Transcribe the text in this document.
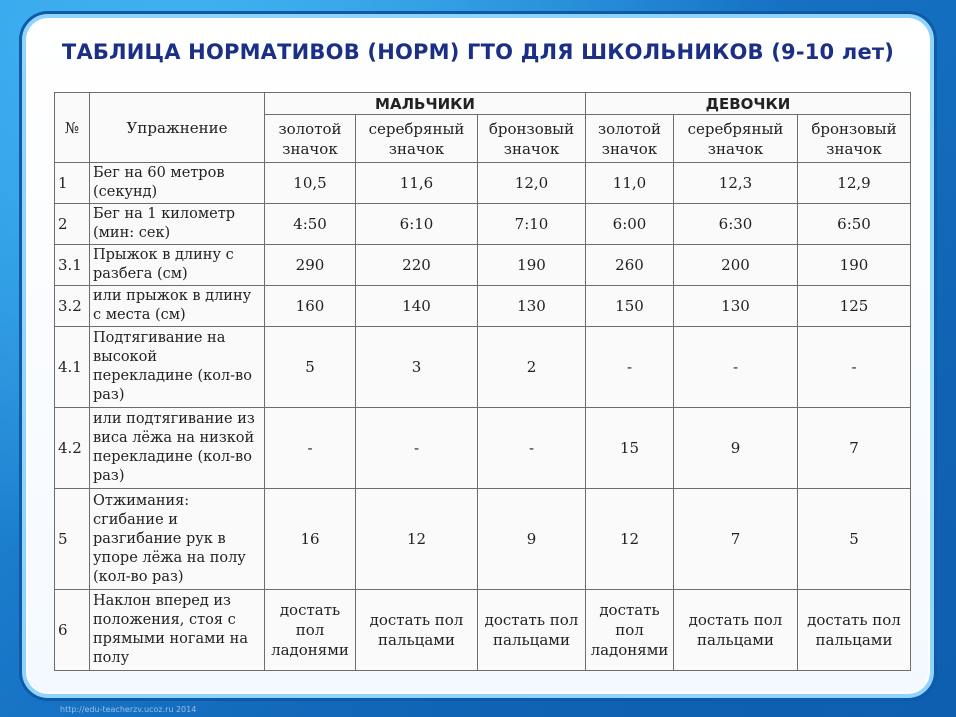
ТАБЛИЦА НОРМАТИВОВ (НОРМ) ГТО ДЛЯ ШКОЛЬНИКОВ (9-10 лет)
№	Упражнение	МАЛЬЧИКИ			ДЕВОЧКИ		
		золотой значок	серебряный значок	бронзовый значок	золотой значок	серебряный значок	бронзовый значок
1	Бег на 60 метров (секунд)	10,5	11,6	12,0	11,0	12,3	12,9
2	Бег на 1 километр (мин: сек)	4:50	6:10	7:10	6:00	6:30	6:50
3.1	Прыжок в длину с разбега (см)	290	220	190	260	200	190
3.2	или прыжок в длину с места (см)	160	140	130	150	130	125
4.1	Подтягивание на высокой перекладине (кол-во раз)	5	3	2	-	-	-
4.2	или подтягивание из виса лёжа на низкой перекладине (кол-во раз)	-	-	-	15	9	7
5	Отжимания: сгибание и разгибание рук в упоре лёжа на полу (кол-во раз)	16	12	9	12	7	5
6	Наклон вперед из положения, стоя с прямыми ногами на полу	достать пол ладонями	достать пол пальцами	достать пол пальцами	достать пол ладонями	достать пол пальцами	достать пол пальцами
http://edu-teacherzv.ucoz.ru 2014
